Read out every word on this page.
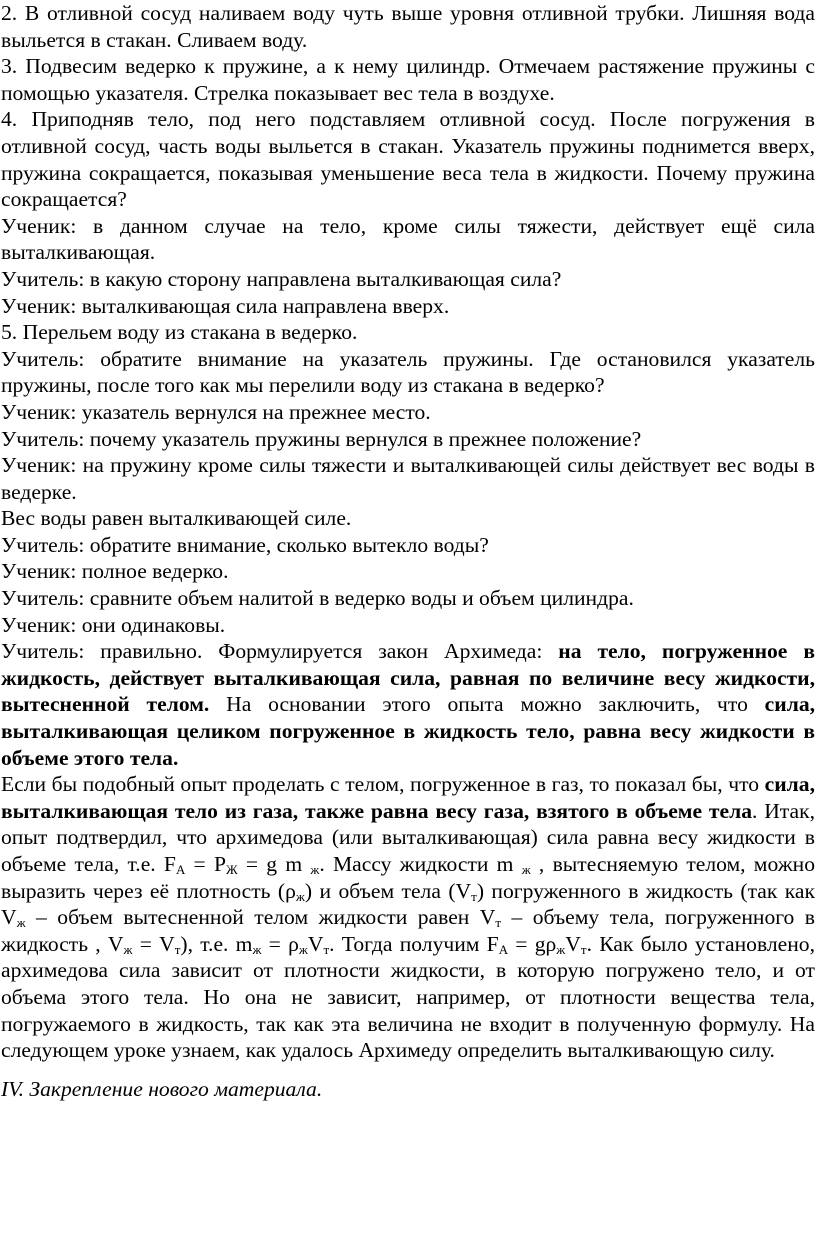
2. В отливной сосуд наливаем воду чуть выше уровня отливной трубки. Лишняя вода выльется в стакан. Сливаем воду.

3. Подвесим ведерко к пружине, а к нему цилиндр. Отмечаем растяжение пружины с помощью указателя. Стрелка показывает вес тела в воздухе.

4. Приподняв тело, под него подставляем отливной сосуд. После погружения в отливной сосуд, часть воды выльется в стакан. Указатель пружины поднимется вверх, пружина сокращается, показывая уменьшение веса тела в жидкости. Почему пружина сокращается?

Ученик: в данном случае на тело, кроме силы тяжести, действует ещё сила выталкивающая.

Учитель: в какую сторону направлена выталкивающая сила?

Ученик: выталкивающая сила направлена вверх.

5. Перельем воду из стакана в ведерко.

Учитель: обратите внимание на указатель пружины. Где остановился указатель пружины, после того как мы перелили воду из стакана в ведерко?

Ученик: указатель вернулся на прежнее место.

Учитель: почему указатель пружины вернулся в прежнее положение?

Ученик: на пружину кроме силы тяжести и выталкивающей силы действует вес воды в ведерке.

Вес воды равен выталкивающей силе.

Учитель: обратите внимание, сколько вытекло воды?

Ученик: полное ведерко.

Учитель: сравните объем налитой в ведерко воды и объем цилиндра.

Ученик: они одинаковы.

Учитель: правильно. Формулируется закон Архимеда: на тело, погруженное в жидкость, действует выталкивающая сила, равная по величине весу жидкости, вытесненной телом. На основании этого опыта можно заключить, что сила, выталкивающая целиком погруженное в жидкость тело, равна весу жидкости в объеме этого тела.

Если бы подобный опыт проделать с телом, погруженное в газ, то показал бы, что сила, выталкивающая тело из газа, также равна весу газа, взятого в объеме тела. Итак, опыт подтвердил, что архимедова (или выталкивающая) сила равна весу жидкости в объеме тела, т.е. $F_A = P_Ж = g$ m $_ж$. Массу жидкости m $_ж$ , вытесняемую телом, можно выразить через её плотность $(\rho_ж)$ и объем тела $(V_т)$ погруженного в жидкость (так как $V_ж$ – объем вытесненной телом жидкости равен $V_т$ – объему тела, погруженного в жидкость , $V_ж = V_т$), т.е. $m_ж = \rho_жV_т$. Тогда получим $F_A = g\rho_жV_т$. Как было установлено, архимедова сила зависит от плотности жидкости, в которую погружено тело, и от объема этого тела. Но она не зависит, например, от плотности вещества тела, погружаемого в жидкость, так как эта величина не входит в полученную формулу. На следующем уроке узнаем, как удалось Архимеду определить выталкивающую силу.

IV. Закрепление нового материала.
